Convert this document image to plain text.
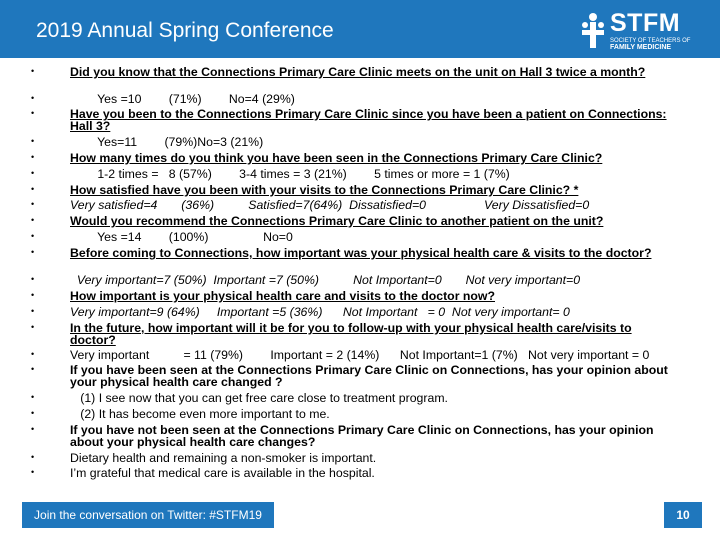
2019 Annual Spring Conference	STFM
SOCIETY OF TEACHERS OF
FAMILY MEDICINE
•	Did you know that the Connections Primary Care Clinic meets on the unit on Hall 3 twice a month?
•	Yes =10        (71%)        No=4 (29%)
•	Have you been to the Connections Primary Care Clinic since you have been a patient on Connections: Hall 3?
•	Yes=11        (79%)No=3 (21%)
•	How many times do you think you have been seen in the Connections Primary Care Clinic?
•	1-2 times =   8 (57%)        3-4 times = 3 (21%)        5 times or more = 1 (7%)
•	How satisfied have you been with your visits to the Connections Primary Care Clinic? *
•	Very satisfied=4       (36%)          Satisfied=7(64%)  Dissatisfied=0                 Very Dissatisfied=0
•	Would you recommend the Connections Primary Care Clinic to another patient on the unit?
•	Yes =14        (100%)                No=0
•	Before coming to Connections, how important was your physical health care & visits to the doctor?
•	Very important=7 (50%)  Important =7 (50%)          Not Important=0       Not very important=0
•	How important is your physical health care and visits to the doctor now?
•	Very important=9 (64%)     Important =5 (36%)      Not Important   = 0  Not very important= 0
•	In the future, how important will it be for you to follow-up with your physical health care/visits to doctor?
•	Very important          = 11 (79%)        Important = 2 (14%)      Not Important=1 (7%)   Not very important = 0
•	If you have been seen at the Connections Primary Care Clinic on Connections, has your opinion about your physical health care changed ?
•	(1) I see now that you can get free care close to treatment program.
•	(2) It has become even more important to me.
•	If you have not been seen at the Connections Primary Care Clinic on Connections, has your opinion about your physical health care changes?
•	Dietary health and remaining a non-smoker is important.
•	I’m grateful that medical care is available in the hospital.
Join the conversation on Twitter: #STFM19	10
